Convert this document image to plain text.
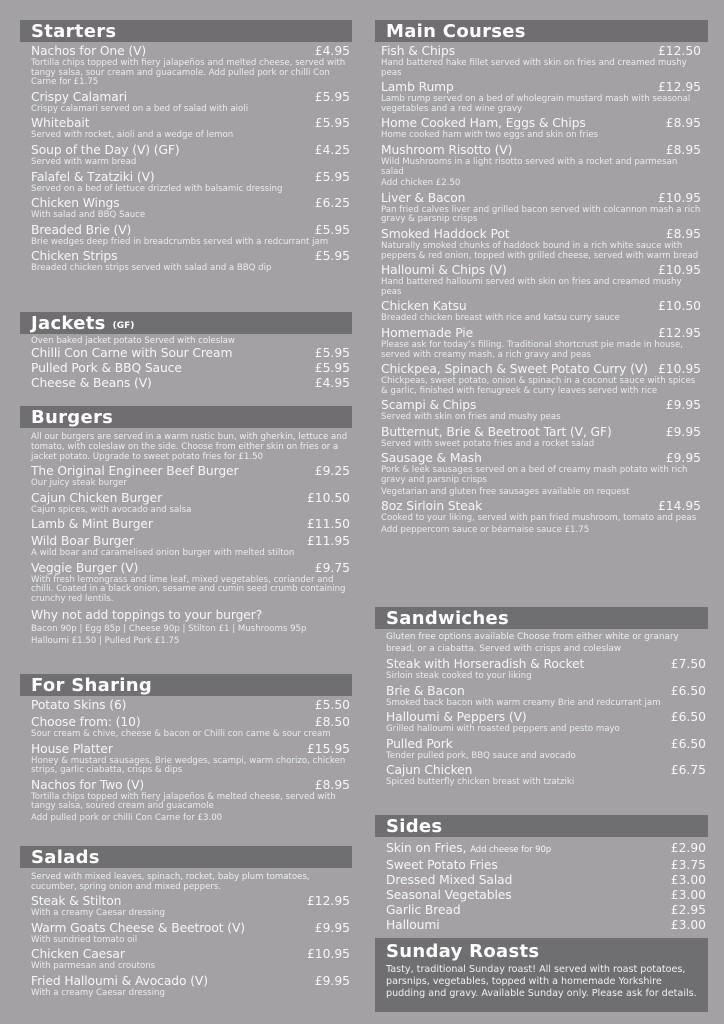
Starters
Nachos for One (V)	£4.95
Tortilla chips topped with fiery jalapeños and melted cheese, served with tangy salsa, sour cream and guacamole. Add pulled pork or chilli Con Carne for £1.75
Crispy Calamari	£5.95
Crispy calamari served on a bed of salad with aioli
Whitebait	£5.95
Served with rocket, aioli and a wedge of lemon
Soup of the Day (V) (GF)	£4.25
Served with warm bread
Falafel & Tzatziki (V)	£5.95
Served on a bed of lettuce drizzled with balsamic dressing
Chicken Wings	£6.25
With salad and BBQ Sauce
Breaded Brie (V)	£5.95
Brie wedges deep fried in breadcrumbs served with a redcurrant jam
Chicken Strips	£5.95
Breaded chicken strips served with salad and a BBQ dip
Jackets (GF)
Oven baked jacket potato Served with coleslaw
Chilli Con Carne with Sour Cream	£5.95
Pulled Pork & BBQ Sauce	£5.95
Cheese & Beans (V)	£4.95
Burgers
All our burgers are served in a warm rustic bun, with gherkin, lettuce and tomato, with coleslaw on the side. Choose from either skin on fries or a jacket potato. Upgrade to sweet potato fries for £1.50
The Original Engineer Beef Burger	£9.25
Our juicy steak burger
Cajun Chicken Burger	£10.50
Cajun spices, with avocado and salsa
Lamb & Mint Burger	£11.50
Wild Boar Burger	£11.95
A wild boar and caramelised onion burger with melted stilton
Veggie Burger (V)	£9.75
With fresh lemongrass and lime leaf, mixed vegetables, coriander and chilli. Coated in a black onion, sesame and cumin seed crumb containing crunchy red lentils.
Why not add toppings to your burger?
Bacon 90p | Egg 85p | Cheese 90p | Stilton £1 | Mushrooms 95p
Halloumi £1.50 | Pulled Pork £1.75
For Sharing
Potato Skins (6)	£5.50
Choose from: (10)	£8.50
Sour cream & chive, cheese & bacon or Chilli con carne & sour cream
House Platter	£15.95
Honey & mustard sausages, Brie wedges, scampi, warm chorizo, chicken strips, garlic ciabatta, crisps & dips
Nachos for Two (V)	£8.95
Tortilla chips topped with fiery jalapeños & melted cheese, served with tangy salsa, soured cream and guacamole
Add pulled pork or chilli Con Carne for £3.00
Salads
Served with mixed leaves, spinach, rocket, baby plum tomatoes, cucumber, spring onion and mixed peppers.
Steak & Stilton	£12.95
With a creamy Caesar dressing
Warm Goats Cheese & Beetroot (V)	£9.95
With sundried tomato oil
Chicken Caesar	£10.95
With parmesan and croutons
Fried Halloumi & Avocado (V)	£9.95
With a creamy Caesar dressing
Main Courses
Fish & Chips	£12.50
Hand battered hake fillet served with skin on fries and creamed mushy peas
Lamb Rump	£12.95
Lamb rump served on a bed of wholegrain mustard mash with seasonal vegetables and a red wine gravy
Home Cooked Ham, Eggs & Chips	£8.95
Home cooked ham with two eggs and skin on fries
Mushroom Risotto (V)	£8.95
Wild Mushrooms in a light risotto served with a rocket and parmesan salad
Add chicken £2.50
Liver & Bacon	£10.95
Pan fried calves liver and grilled bacon served with colcannon mash a rich gravy & parsnip crisps
Smoked Haddock Pot	£8.95
Naturally smoked chunks of haddock bound in a rich white sauce with peppers & red onion, topped with grilled cheese, served with warm bread
Halloumi & Chips (V)	£10.95
Hand battered halloumi served with skin on fries and creamed mushy peas
Chicken Katsu	£10.50
Breaded chicken breast with rice and katsu curry sauce
Homemade Pie	£12.95
Please ask for today’s filling. Traditional shortcrust pie made in house, served with creamy mash, a rich gravy and peas
Chickpea, Spinach & Sweet Potato Curry (V) £10.95
Chickpeas, sweet potato, onion & spinach in a coconut sauce with spices & garlic, finished with fenugreek & curry leaves served with rice
Scampi & Chips	£9.95
Served with skin on fries and mushy peas
Butternut, Brie & Beetroot Tart (V, GF)	£9.95
Served with sweet potato fries and a rocket salad
Sausage & Mash	£9.95
Pork & leek sausages served on a bed of creamy mash potato with rich gravy and parsnip crisps
Vegetarian and gluten free sausages available on request
8oz Sirloin Steak	£14.95
Cooked to your liking, served with pan fried mushroom, tomato and peas
Add peppercorn sauce or béarnaise sauce £1.75
Sandwiches
Gluten free options available Choose from either white or granary bread, or a ciabatta. Served with crisps and coleslaw
Steak with Horseradish & Rocket	£7.50
Sirloin steak cooked to your liking
Brie & Bacon	£6.50
Smoked back bacon with warm creamy Brie and redcurrant jam
Halloumi & Peppers (V)	£6.50
Grilled halloumi with roasted peppers and pesto mayo
Pulled Pork	£6.50
Tender pulled pork, BBQ sauce and avocado
Cajun Chicken	£6.75
Spiced butterfly chicken breast with tzatziki
Sides
Skin on Fries, Add cheese for 90p	£2.90
Sweet Potato Fries	£3.75
Dressed Mixed Salad	£3.00
Seasonal Vegetables	£3.00
Garlic Bread	£2.95
Halloumi	£3.00
Sunday Roasts
Tasty, traditional Sunday roast! All served with roast potatoes, parsnips, vegetables, topped with a homemade Yorkshire pudding and gravy. Available Sunday only. Please ask for details.
